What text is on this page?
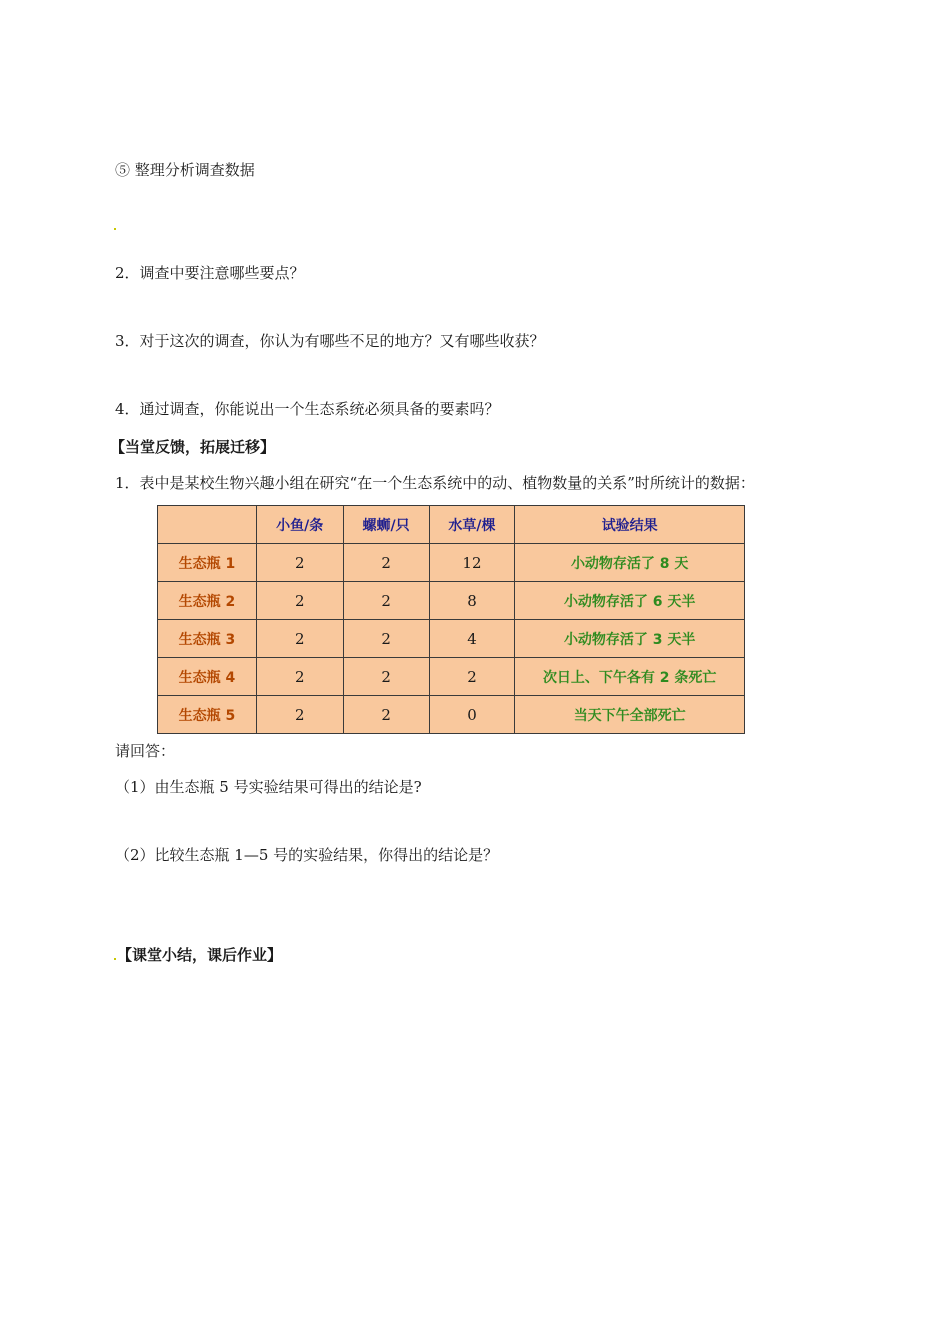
⑤ 整理分析调查数据
2．调查中要注意哪些要点？
3．对于这次的调查，你认为有哪些不足的地方？又有哪些收获？
4．通过调查，你能说出一个生态系统必须具备的要素吗？
【当堂反馈，拓展迁移】
1．表中是某校生物兴趣小组在研究“在一个生态系统中的动、植物数量的关系”时所统计的数据：
	小鱼/条	螺蛳/只	水草/棵	试验结果
生态瓶 1	2	2	12	小动物存活了 8 天
生态瓶 2	2	2	8	小动物存活了 6 天半
生态瓶 3	2	2	4	小动物存活了 3 天半
生态瓶 4	2	2	2	次日上、下午各有 2 条死亡
生态瓶 5	2	2	0	当天下午全部死亡
请回答：
（1）由生态瓶 5 号实验结果可得出的结论是?
（2）比较生态瓶 1—5 号的实验结果，你得出的结论是？
【课堂小结，课后作业】
